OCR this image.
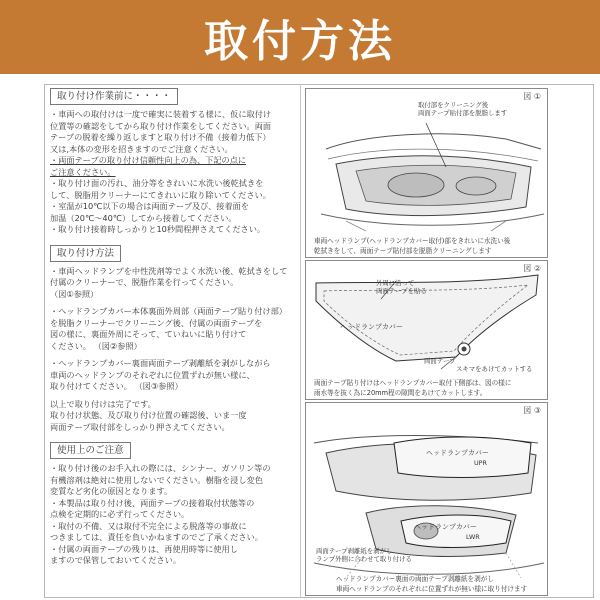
取付方法
取り付け作業前に・・・・

・車両への取付けは一度で確実に装着する様に、仮に取付け
位置等の確認をしてから取り付け作業をしてください。両面
テープの脱着を繰り返しますと取り付け不備（接着力低下）
又は,本体の変形を招きますのでご注意ください。

・両面テープの取り付け信頼性向上の為、下記の点に
ご注意ください。

・取り付け面の汚れ、油分等をきれいに水洗い後乾拭きを
して、脱脂用クリーナーにてきれいに取り除いてください。
・室温が10℃以下の場合は両面テープ及び、接着面を
加温（20℃〜40℃）してから接着してください。

・取り付け接着時しっかりと10秒間程押さえてください。

取り付け方法

・車両ヘッドランプを中性洗剤等でよく水洗い後、乾拭きをして
付属のクリーナーで、脱脂作業を行ってください。
（図①参照）

・ヘッドランプカバー本体裏面外周部（両面テープ貼り付け部）
を脱脂クリーナーでクリーニング後、付属の両面テープを
図の様に、裏面外周にそって、ていねいに貼り付けて
ください。 （図②参照）

・ヘッドランプカバー裏面両面テープ剥離紙を剥がしながら
車両のヘッドランプのそれぞれに位置ずれが無い様に、
取り付けてください。 （図③参照）

以上で取り付けは完了です。
取り付け状態、及び取り付け位置の確認後、いま一度
両面テープ取付部をしっかり押さえてください。

使用上のご注意

・取り付け後のお手入れの際には、シンナー、ガソリン等の
有機溶剤は絶対に使用しないでください。樹脂を浸し変色
変質など劣化の原因となります。
・本製品は取り付け後、両面テープの接着取付状態等の
点検を定期的に必ず行ってください。
・取付の不備、又は取付不完全による脱落等の事故に
つきましては、責任を負いかねますのでご了承ください。
・付属の両面テープの残りは、再使用時等に使用し
ますので保管しておいてください。

図 ①
取付部をクリーニング後
両面テープ貼付部を脱脂します
車両ヘッドランプ(ヘッドランプカバー取付)部をきれいに水洗い後
乾拭きをして、両面テープ貼付部を脱脂クリーニングします
図 ②
外周に沿って
両面テープを貼る
ヘッドランプカバー
両面テープ
スキマをあけてカットする
両面テープ貼り付けはヘッドランプカバー取付下側部は、図の様に
雨水等を抜く為に20mm程の隙間をあけてカットします。
図 ③
ヘッドランプカバー
UPR
ヘッドランプカバー
LWR
両面テープ剥離紙を剥がし
ランプ外側に合わせて取り付ける
ヘッドランプカバー裏面の両面テープ剥離紙を剥がし
車両ヘッドランプのそれぞれに位置ずれが無い様に取り付けます
